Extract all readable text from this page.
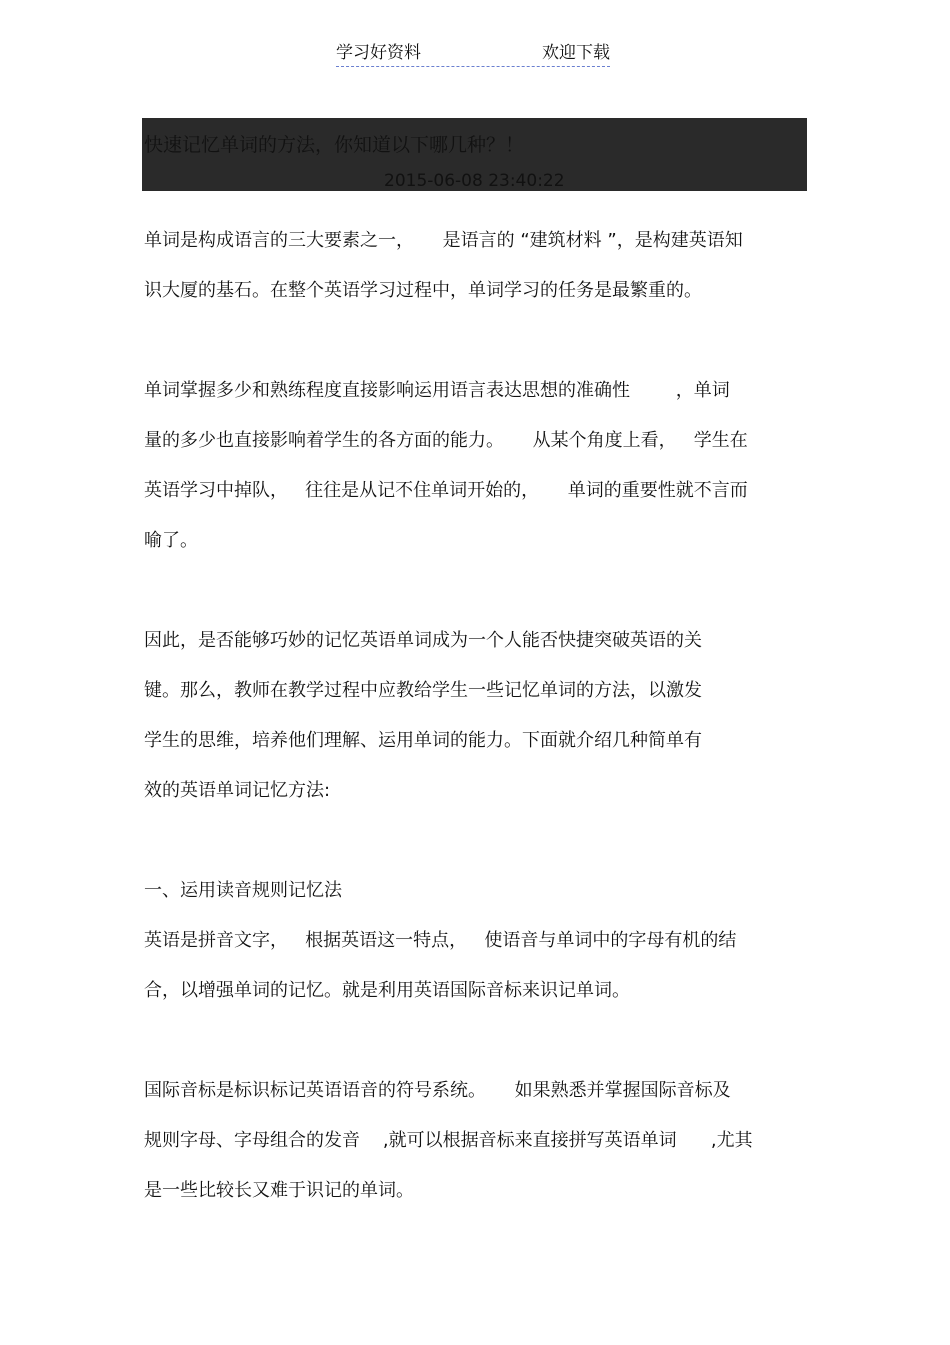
学习好资料	欢迎下载
快速记忆单词的方法，你知道以下哪几种？！
2015-06-08 23:40:22
单词是构成语言的三大要素之一，     是语言的 “建筑材料 ”，是构建英语知
识大厦的基石。在整个英语学习过程中，单词学习的任务是最繁重的。
单词掌握多少和熟练程度直接影响运用语言表达思想的准确性        ，单词
量的多少也直接影响着学生的各方面的能力。     从某个角度上看，   学生在
英语学习中掉队，   往往是从记不住单词开始的，     单词的重要性就不言而
喻了。
因此，是否能够巧妙的记忆英语单词成为一个人能否快捷突破英语的关
键。那么，教师在教学过程中应教给学生一些记忆单词的方法，以激发
学生的思维，培养他们理解、运用单词的能力。下面就介绍几种简单有
效的英语单词记忆方法:
一、运用读音规则记忆法
英语是拼音文字，   根据英语这一特点，   使语音与单词中的字母有机的结
合，以增强单词的记忆。就是利用英语国际音标来识记单词。
国际音标是标识标记英语语音的符号系统。     如果熟悉并掌握国际音标及
规则字母、字母组合的发音    ,就可以根据音标来直接拼写英语单词      ,尤其
是一些比较长又难于识记的单词。
